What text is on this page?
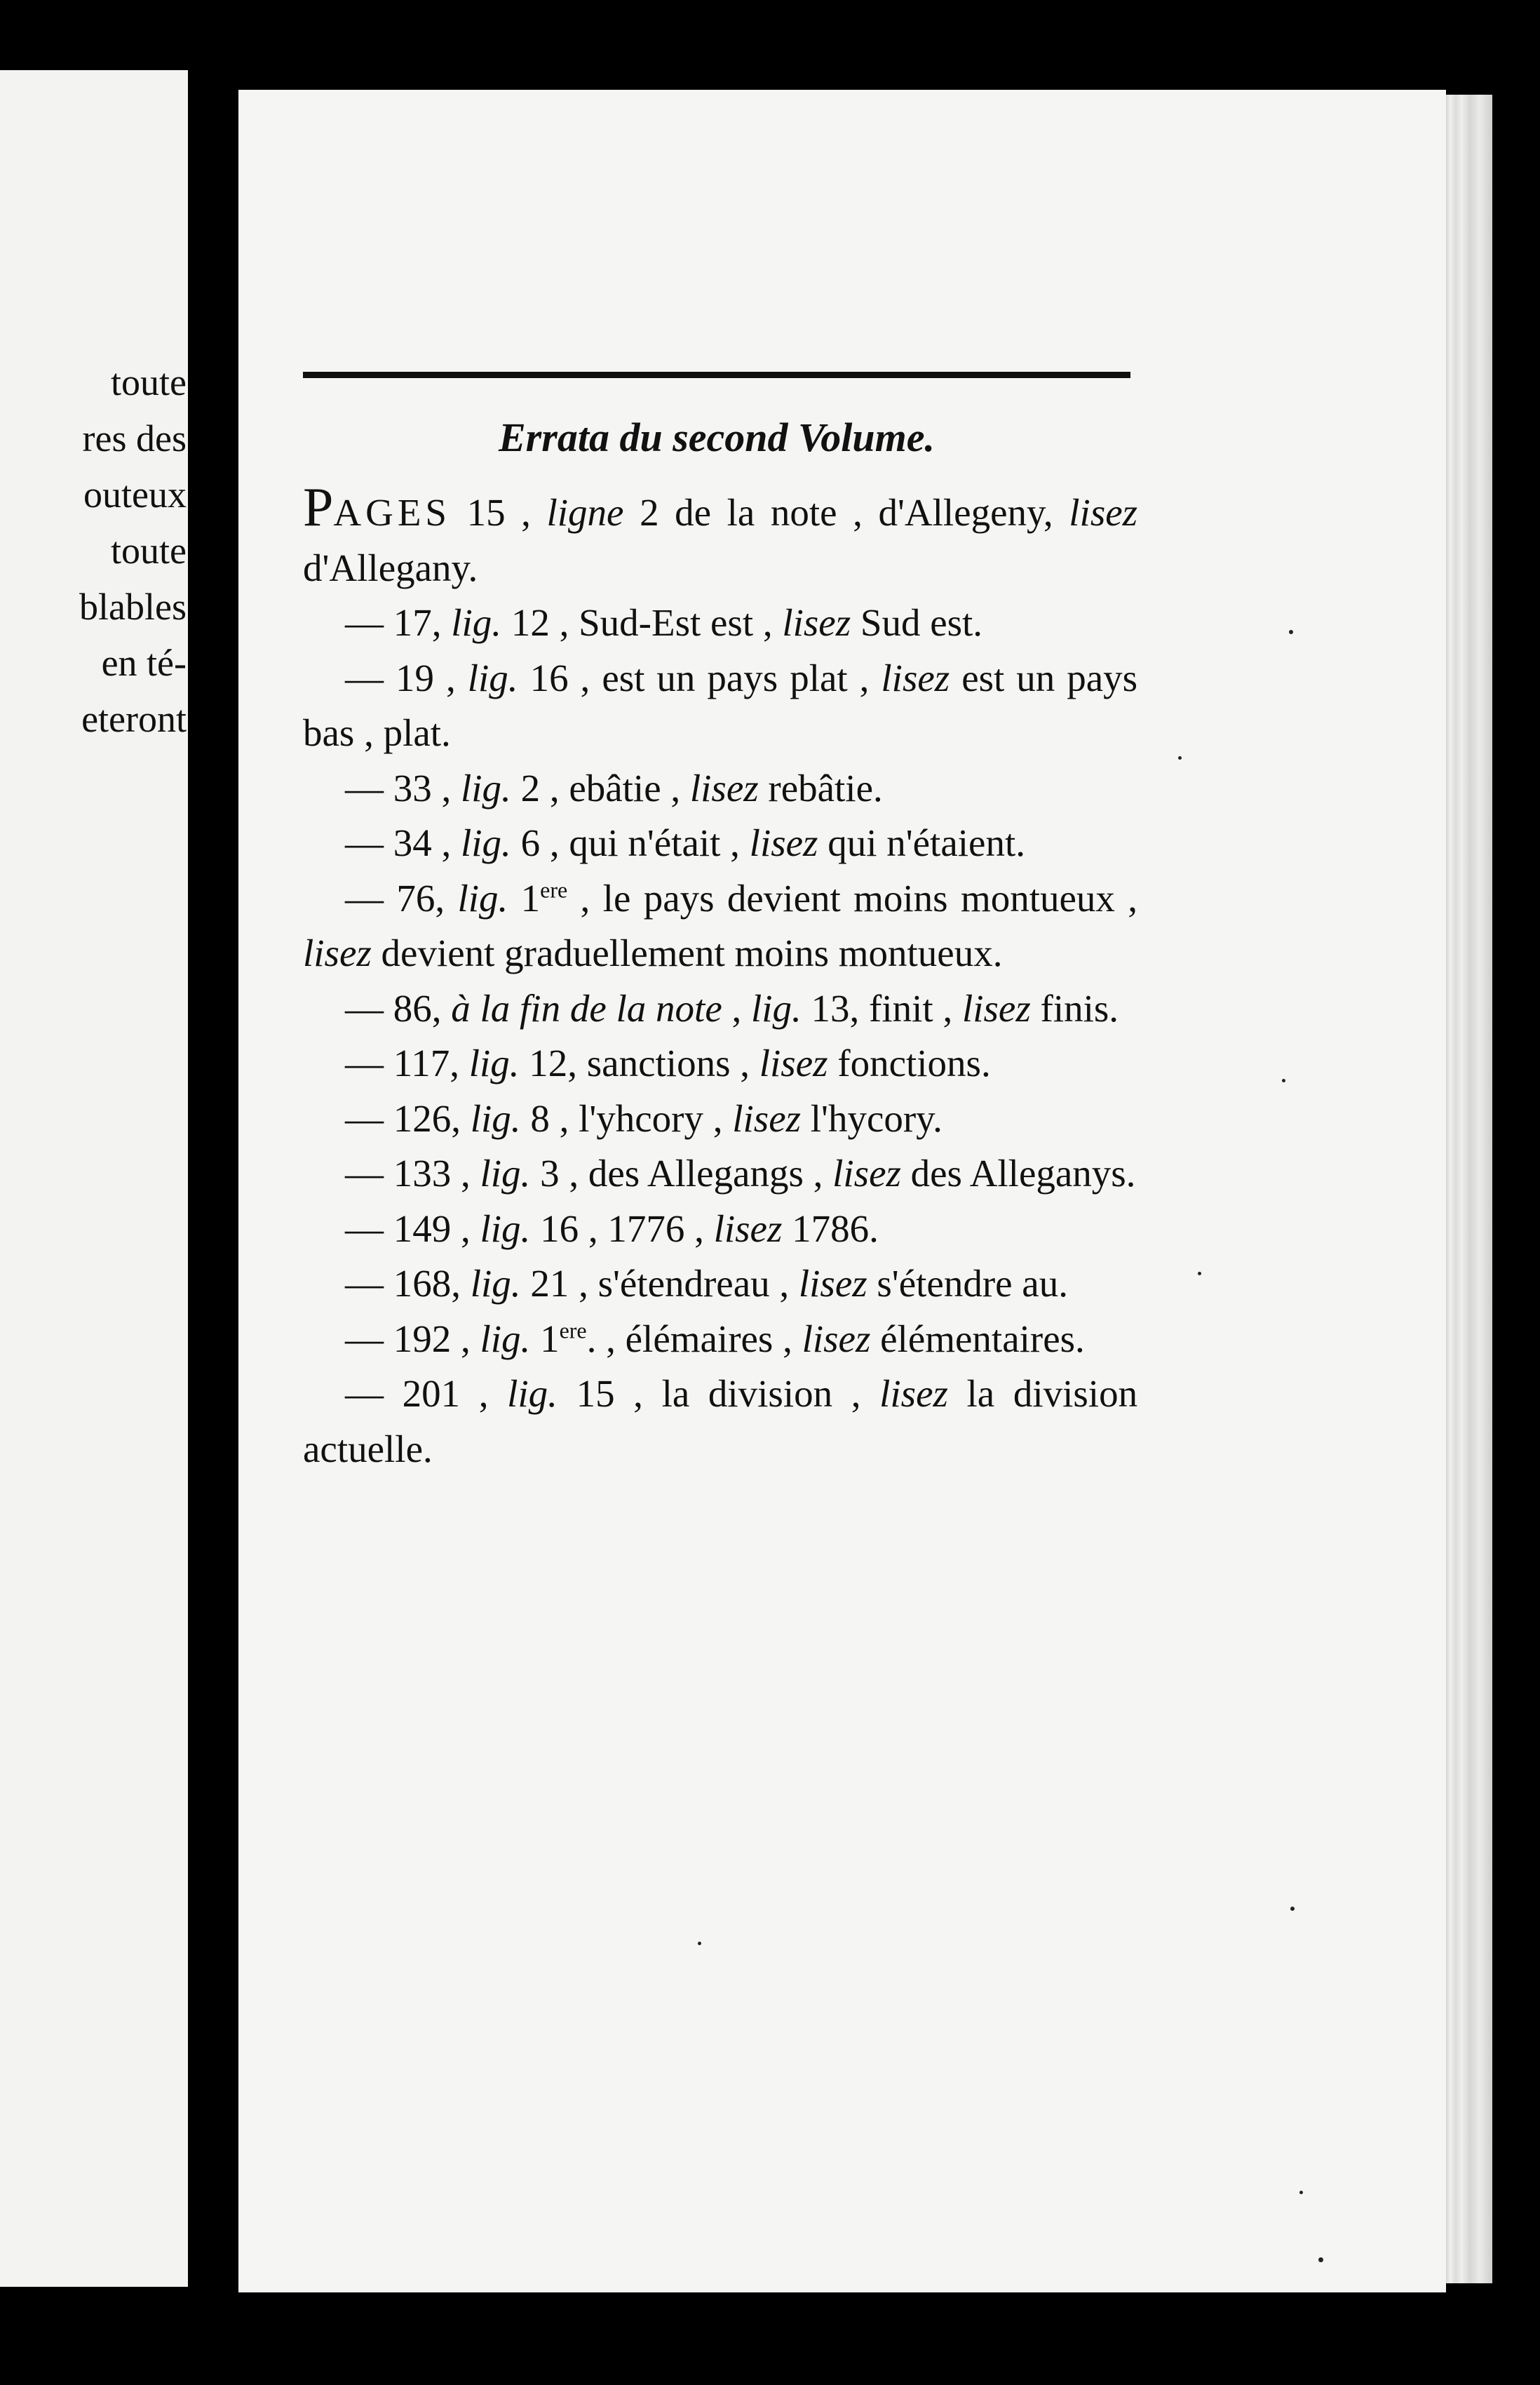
toute
res des
outeux
toute
blables
en té-
eteront
Errata du second Volume.

PAGES 15 , ligne 2 de la note , d'Allegeny, lisez d'Allegany.

— 17, lig. 12 , Sud-Est est , lisez Sud est.

— 19 , lig. 16 , est un pays plat , lisez est un pays bas , plat.

— 33 , lig. 2 , ebâtie , lisez rebâtie.

— 34 , lig. 6 , qui n'était , lisez qui n'étaient.

— 76, lig. 1ere , le pays devient moins montueux , lisez devient graduellement moins montueux.

— 86, à la fin de la note , lig. 13, finit , lisez finis.

— 117, lig. 12, sanctions , lisez fonctions.

— 126, lig. 8 , l'yhcory , lisez l'hycory.

— 133 , lig. 3 , des Allegangs , lisez des Alleganys.

— 149 , lig. 16 , 1776 , lisez 1786.

— 168, lig. 21 , s'étendreau , lisez s'étendre au.

— 192 , lig. 1ere. , élémaires , lisez élémentaires.

— 201 , lig. 15 , la division , lisez la division actuelle.
